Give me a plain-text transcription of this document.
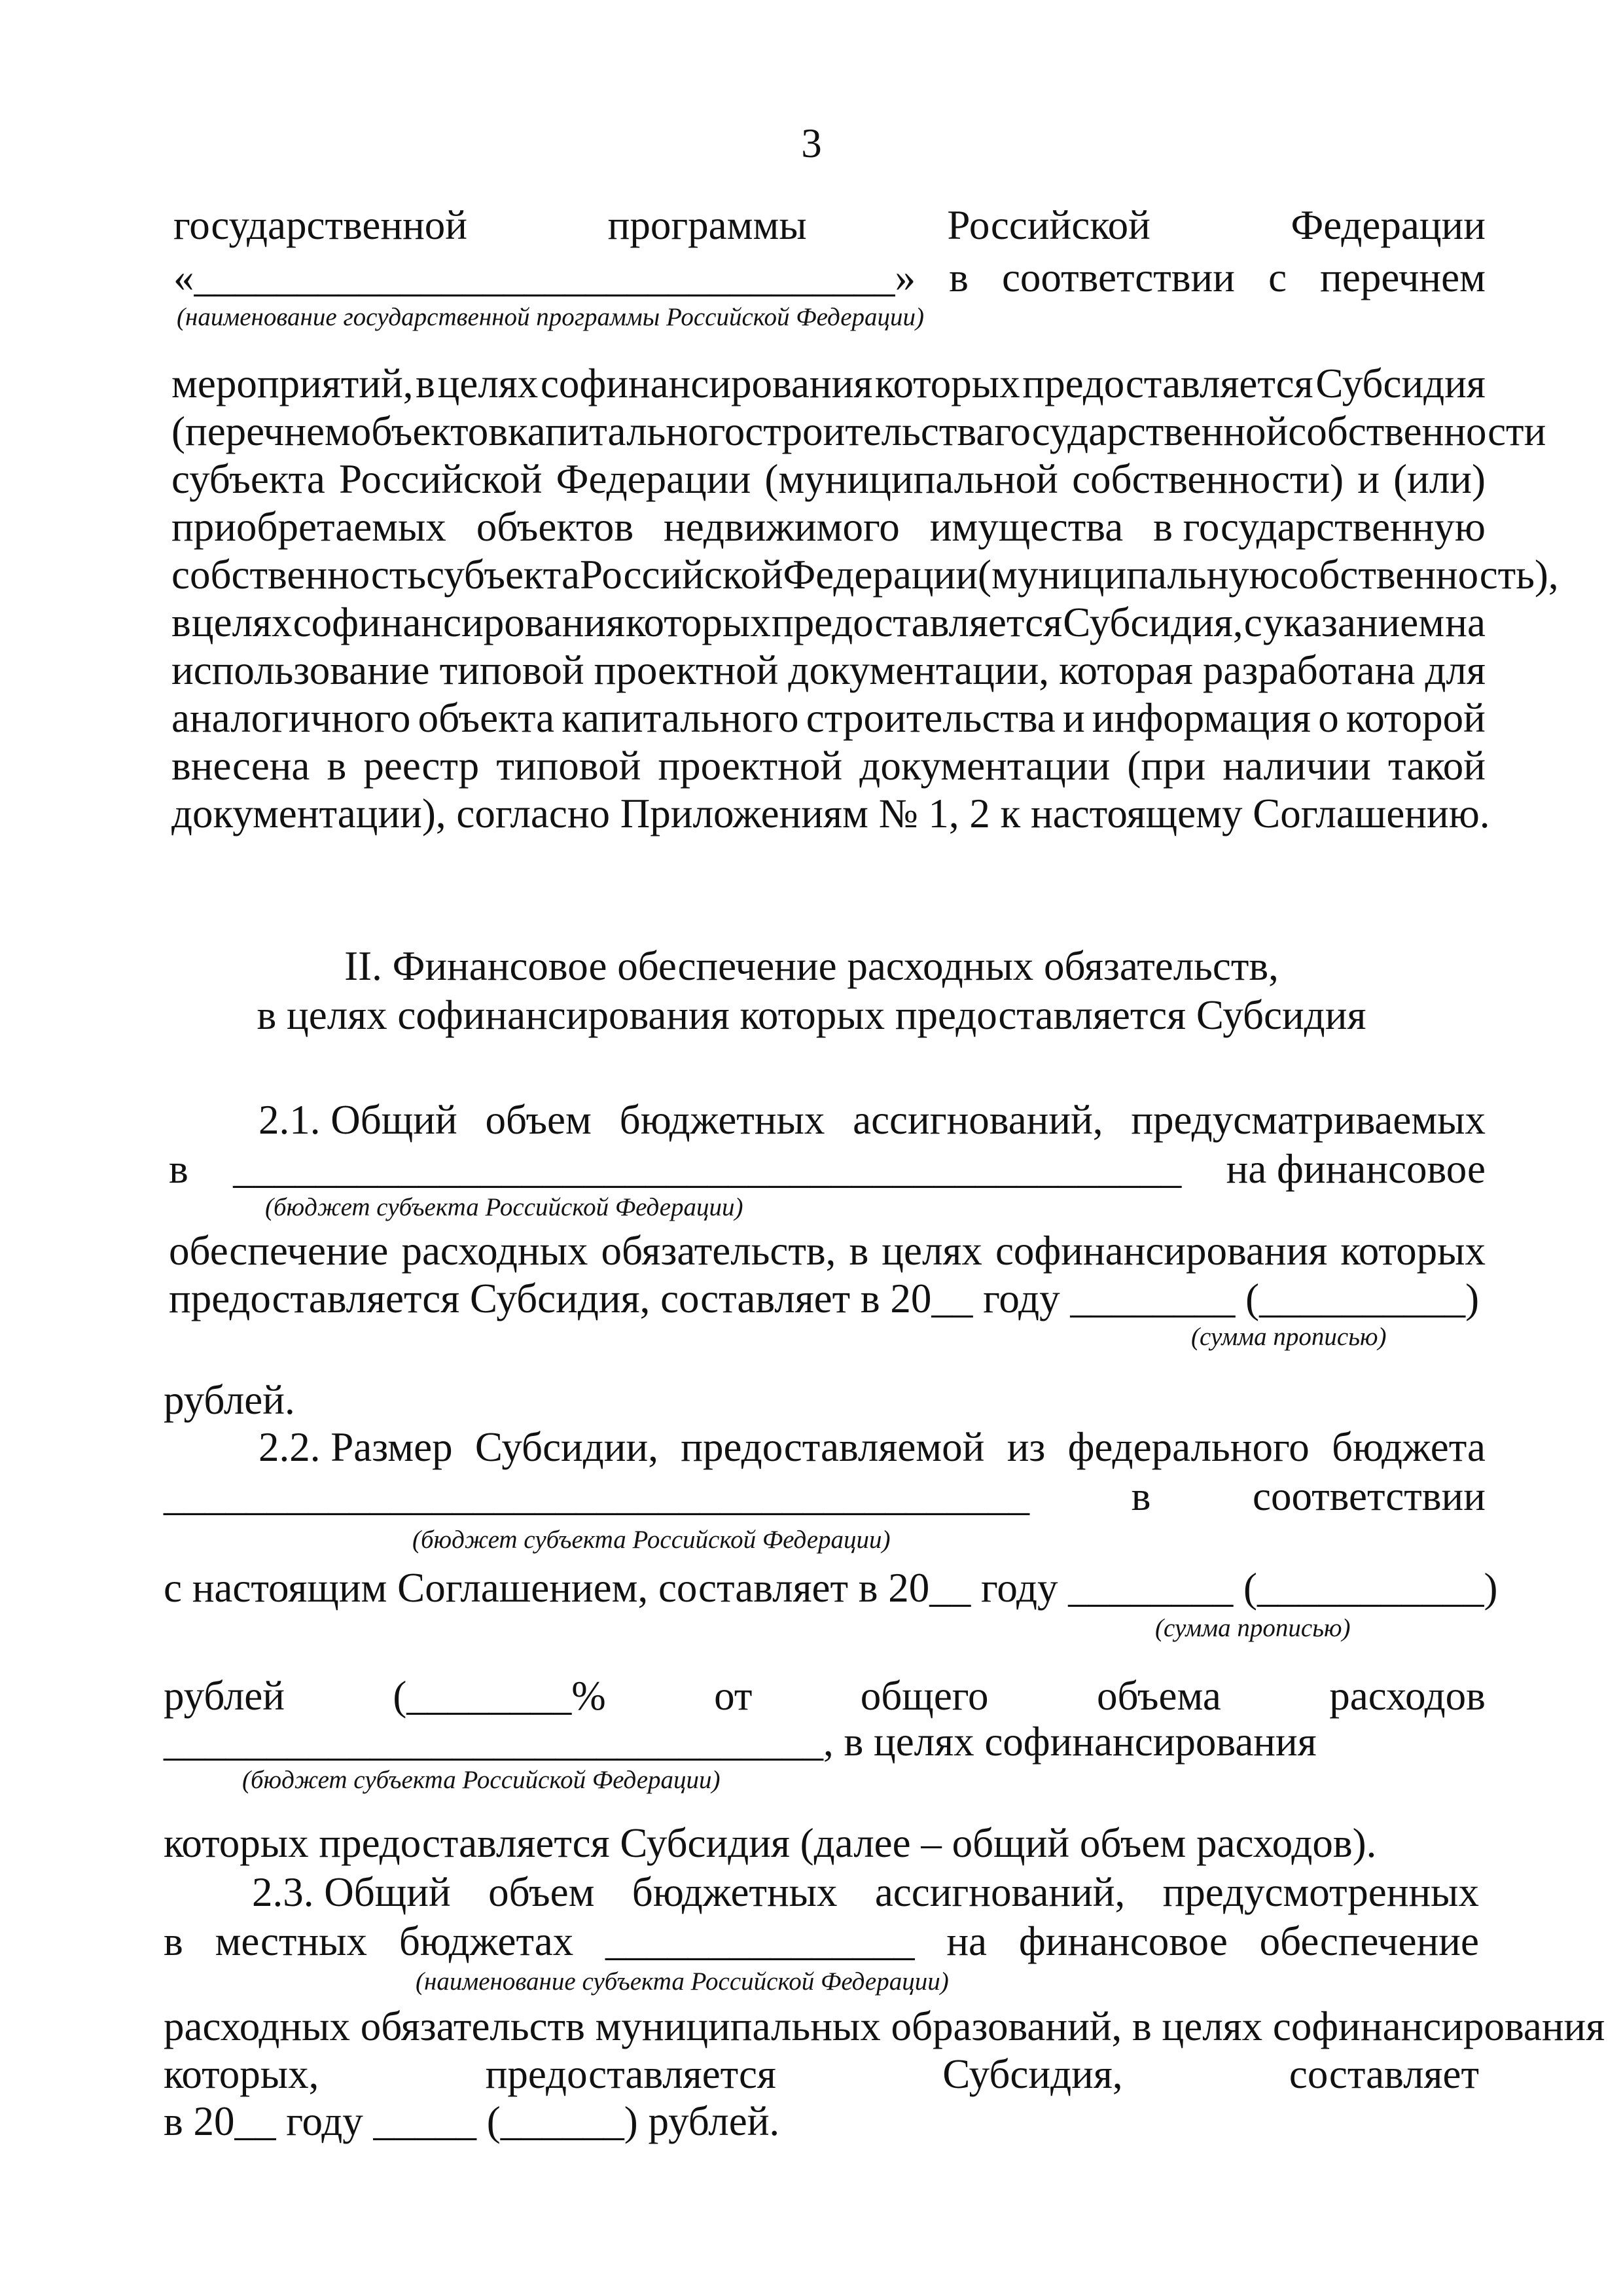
3
государственной	программы	Российской	Федерации
«__________________________________» в соответствии с перечнем
(наименование государственной программы Российской Федерации)
мероприятий, в целях софинансирования которых предоставляется Субсидия
(перечнем объектов капитального строительства государственной собственности
субъекта Российской Федерации (муниципальной собственности) и (или)
приобретаемых объектов недвижимого имущества в государственную
собственность субъекта Российской Федерации (муниципальную собственность),
в целях софинансирования которых предоставляется Субсидия, с указанием на
использование типовой проектной документации, которая разработана для
аналогичного объекта капитального строительства и информация о которой
внесена в реестр типовой проектной документации (при наличии такой
документации), согласно Приложениям № 1, 2 к настоящему Соглашению.
II. Финансовое обеспечение расходных обязательств,
в целях софинансирования которых предоставляется Субсидия
2.1. Общий объем бюджетных ассигнований, предусматриваемых
в ______________________________________________ на финансовое
(бюджет субъекта Российской Федерации)
обеспечение расходных обязательств, в целях софинансирования которых
предоставляется Субсидия, составляет в 20__ году ________ (__________)
(сумма прописью)
рублей.
2.2. Размер Субсидии, предоставляемой из федерального бюджета
__________________________________________ в соответствии
(бюджет субъекта Российской Федерации)
с настоящим Соглашением, составляет в 20__ году ________ (___________)
(сумма прописью)
рублей	(________%	от	общего	объема	расходов
________________________________, в целях софинансирования
(бюджет субъекта Российской Федерации)
которых предоставляется Субсидия (далее – общий объем расходов).
2.3. Общий объем бюджетных ассигнований, предусмотренных
в местных бюджетах _______________ на финансовое обеспечение
(наименование субъекта Российской Федерации)
расходных обязательств муниципальных образований, в целях софинансирования
которых,	предоставляется	Субсидия,	составляет
в 20__ году _____ (______) рублей.
